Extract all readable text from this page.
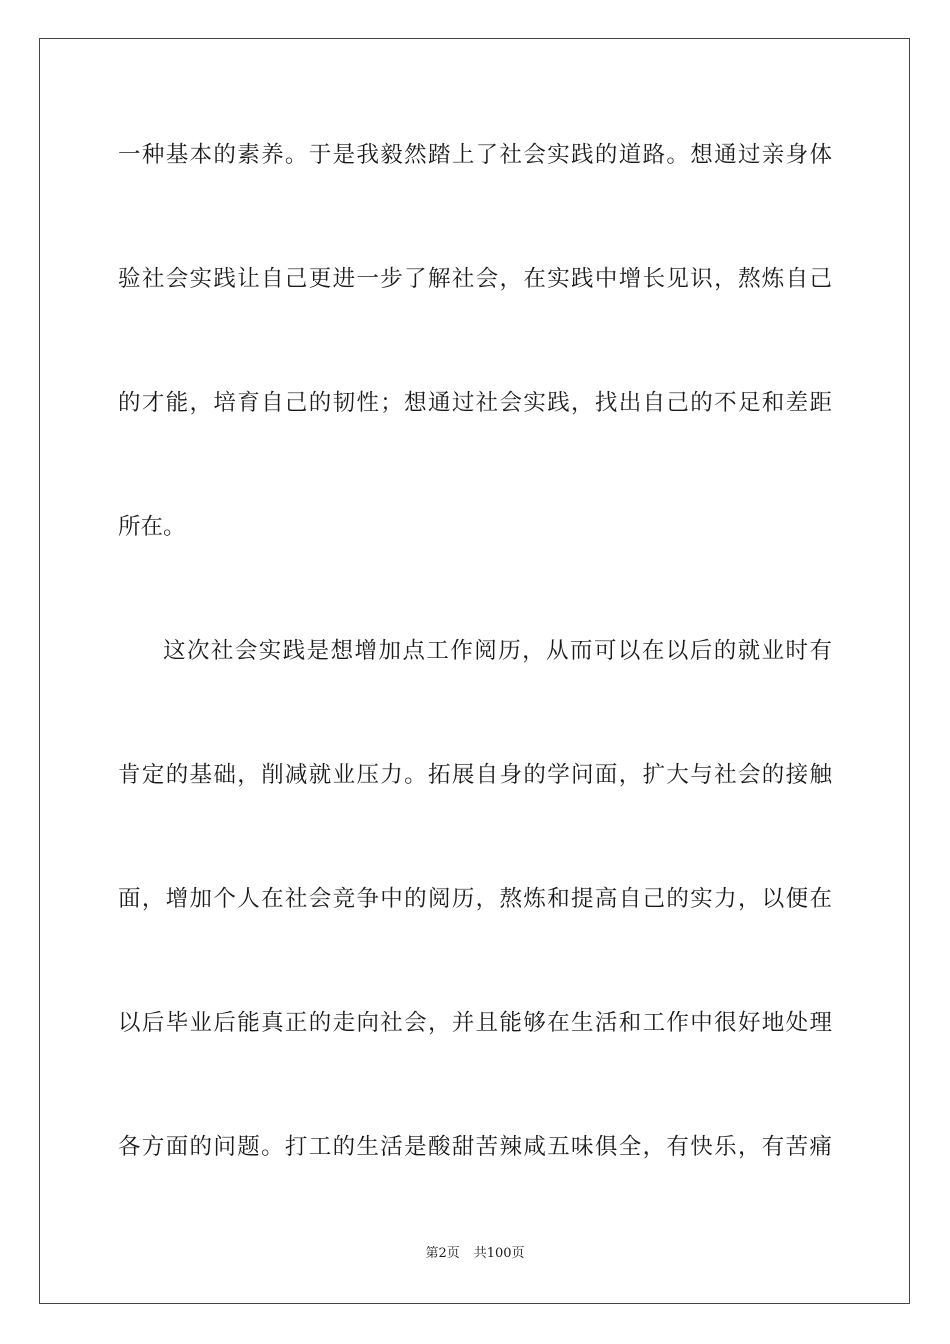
一种基本的素养。于是我毅然踏上了社会实践的道路。想通过亲身体
验社会实践让自己更进一步了解社会，在实践中增长见识，熬炼自己
的才能，培育自己的韧性；想通过社会实践，找出自己的不足和差距
所在。
这次社会实践是想增加点工作阅历，从而可以在以后的就业时有
肯定的基础，削减就业压力。拓展自身的学问面，扩大与社会的接触
面，增加个人在社会竞争中的阅历，熬炼和提高自己的实力，以便在
以后毕业后能真正的走向社会，并且能够在生活和工作中很好地处理
各方面的问题。打工的生活是酸甜苦辣咸五味俱全，有快乐，有苦痛
第2页 共100页
